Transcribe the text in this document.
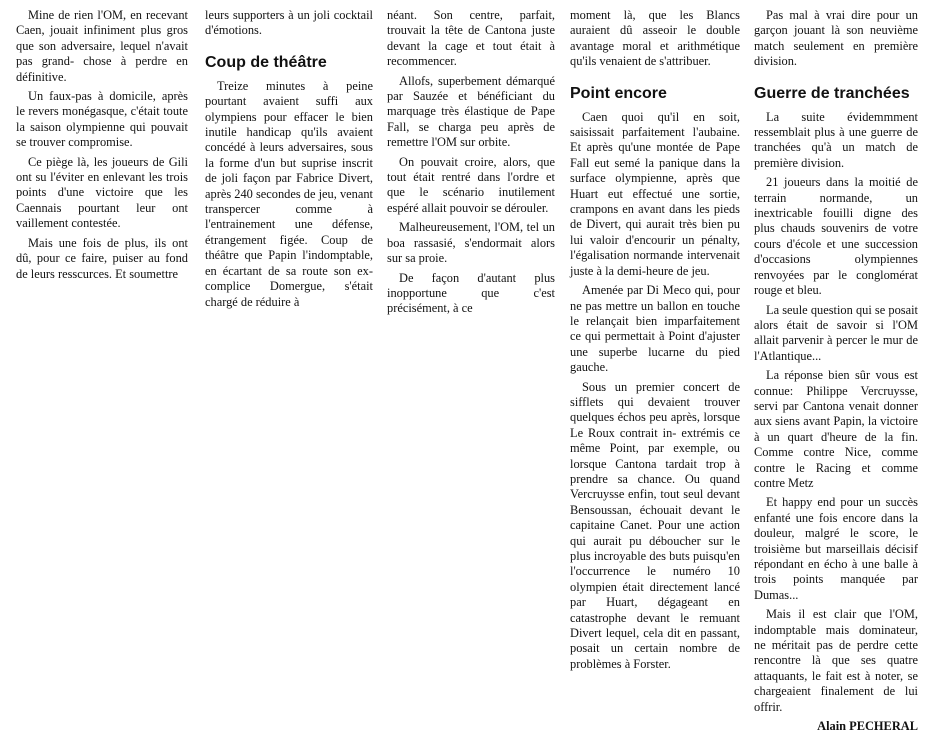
Mine de rien l'OM, en recevant Caen, jouait infiniment plus gros que son adversaire, lequel n'avait pas grand- chose à perdre en définitive.

Un faux-pas à domicile, après le revers monégasque, c'était toute la saison olympienne qui pouvait se trouver compromise.

Ce piège là, les joueurs de Gili ont su l'éviter en enlevant les trois points d'une victoire que les Caennais pourtant leur ont vaillement contestée.

Mais une fois de plus, ils ont dû, pour ce faire, puiser au fond de leurs resscurces. Et soumettre

leurs supporters à un joli cocktail d'émotions.

Coup de théâtre

Treize minutes à peine pourtant avaient suffi aux olympiens pour effacer le bien inutile handicap qu'ils avaient concédé à leurs adversaires, sous la forme d'un but suprise inscrit de joli façon par Fabrice Divert, après 240 secondes de jeu, venant transpercer comme à l'entrainement une défense, étrangement figée. Coup de théâtre que Papin l'indomptable, en écartant de sa route son ex-complice Domergue, s'était chargé de réduire à

néant. Son centre, parfait, trouvait la tête de Cantona juste devant la cage et tout était à recommencer.

Allofs, superbement démarqué par Sauzée et bénéficiant du marquage très élastique de Pape Fall, se charga peu après de remettre l'OM sur orbite.

On pouvait croire, alors, que tout était rentré dans l'ordre et que le scénario inutilement espéré allait pouvoir se dérouler.

Malheureusement, l'OM, tel un boa rassasié, s'endormait alors sur sa proie.

De façon d'autant plus inopportune que c'est précisément, à ce

moment là, que les Blancs auraient dû asseoir le double avantage moral et arithmétique qu'ils venaient de s'attribuer.

Point encore

Caen quoi qu'il en soit, saisissait parfaitement l'aubaine. Et après qu'une montée de Pape Fall eut semé la panique dans la surface olympienne, après que Huart eut effectué une sortie, crampons en avant dans les pieds de Divert, qui aurait très bien pu lui valoir d'encourir un pénalty, l'égalisation normande intervenait juste à la demi-heure de jeu.

Amenée par Di Meco qui, pour ne pas mettre un ballon en touche le relançait bien imparfaitement ce qui permettait à Point d'ajuster une superbe lucarne du pied gauche.

Sous un premier concert de sifflets qui devaient trouver quelques échos peu après, lorsque Le Roux contrait in- extrémis ce même Point, par exemple, ou lorsque Cantona tardait trop à prendre sa chance. Ou quand Vercruysse enfin, tout seul devant Bensoussan, échouait devant le capitaine Canet. Pour une action qui aurait pu déboucher sur le plus incroyable des buts puisqu'en l'occurrence le numéro 10 olympien était directement lancé par Huart, dégageant en catastrophe devant le remuant Divert lequel, cela dit en passant, posait un certain nombre de problèmes à Forster.

Pas mal à vrai dire pour un garçon jouant là son neuvième match seulement en première division.

Guerre de tranchées

La suite évidemmment ressemblait plus à une guerre de tranchées qu'à un match de première division.

21 joueurs dans la moitié de terrain normande, un inextricable fouilli digne des plus chauds souvenirs de votre cours d'école et une succession d'occasions olympiennes renvoyées par le conglomérat rouge et bleu.

La seule question qui se posait alors était de savoir si l'OM allait parvenir à percer le mur de l'Atlantique...

La réponse bien sûr vous est connue: Philippe Vercruysse, servi par Cantona venait donner aux siens avant Papin, la victoire à un quart d'heure de la fin. Comme contre Nice, comme contre le Racing et comme contre Metz

Et happy end pour un succès enfanté une fois encore dans la douleur, malgré le score, le troisième but marseillais décisif répondant en écho à une balle à trois points manquée par Dumas...

Mais il est clair que l'OM, indomptable mais dominateur, ne méritait pas de perdre cette rencontre là que ses quatre attaquants, le fait est à noter, se chargeaient finalement de lui offrir.

Alain PECHERAL
